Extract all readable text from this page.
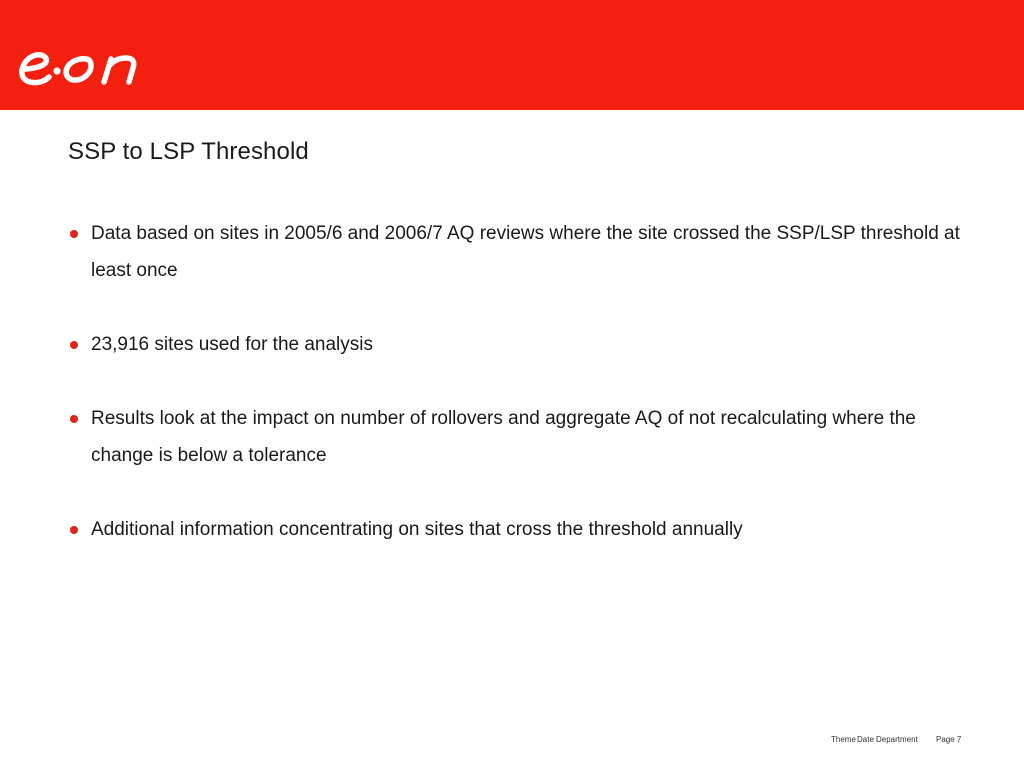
SSP to LSP Threshold
Data based on sites in 2005/6 and 2006/7 AQ reviews where the site crossed the SSP/LSP threshold at least once
23,916 sites used for the analysis
Results look at the impact on number of rollovers and aggregate AQ of not recalculating where the change is below a tolerance
Additional information concentrating on sites that cross the threshold annually
Theme Date Department Page 7
